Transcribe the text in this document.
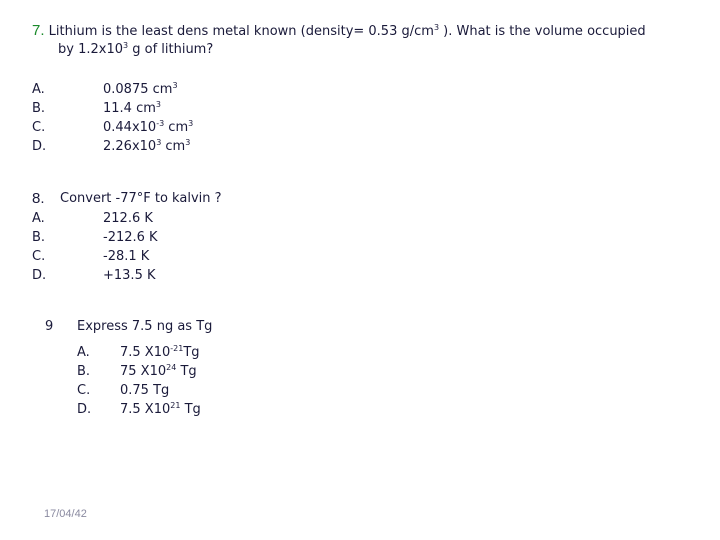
7. Lithium is the least dens metal known (density= 0.53 $g/cm^3$ ). What is the volume occupied
by $1.2x10^3$ g of lithium?
A.
B.
C.
D.
0.0875 $cm^3$
11.4 $cm^3$
$0.44x10^{-3}$ $cm^3$
$2.26x10^3$ $cm^3$
8. Convert -77°F to kalvin ?
A.
B.
C.
D.
212.6 K
-212.6 K
-28.1 K
+13.5 K
9 Express 7.5 ng as Tg
A.
B.
C.
D.
7.5 $X10^{-21}Tg$
75 $X10^{24}$ Tg
0.75 Tg
7.5 $X10^{21}$ Tg
17/04/42
